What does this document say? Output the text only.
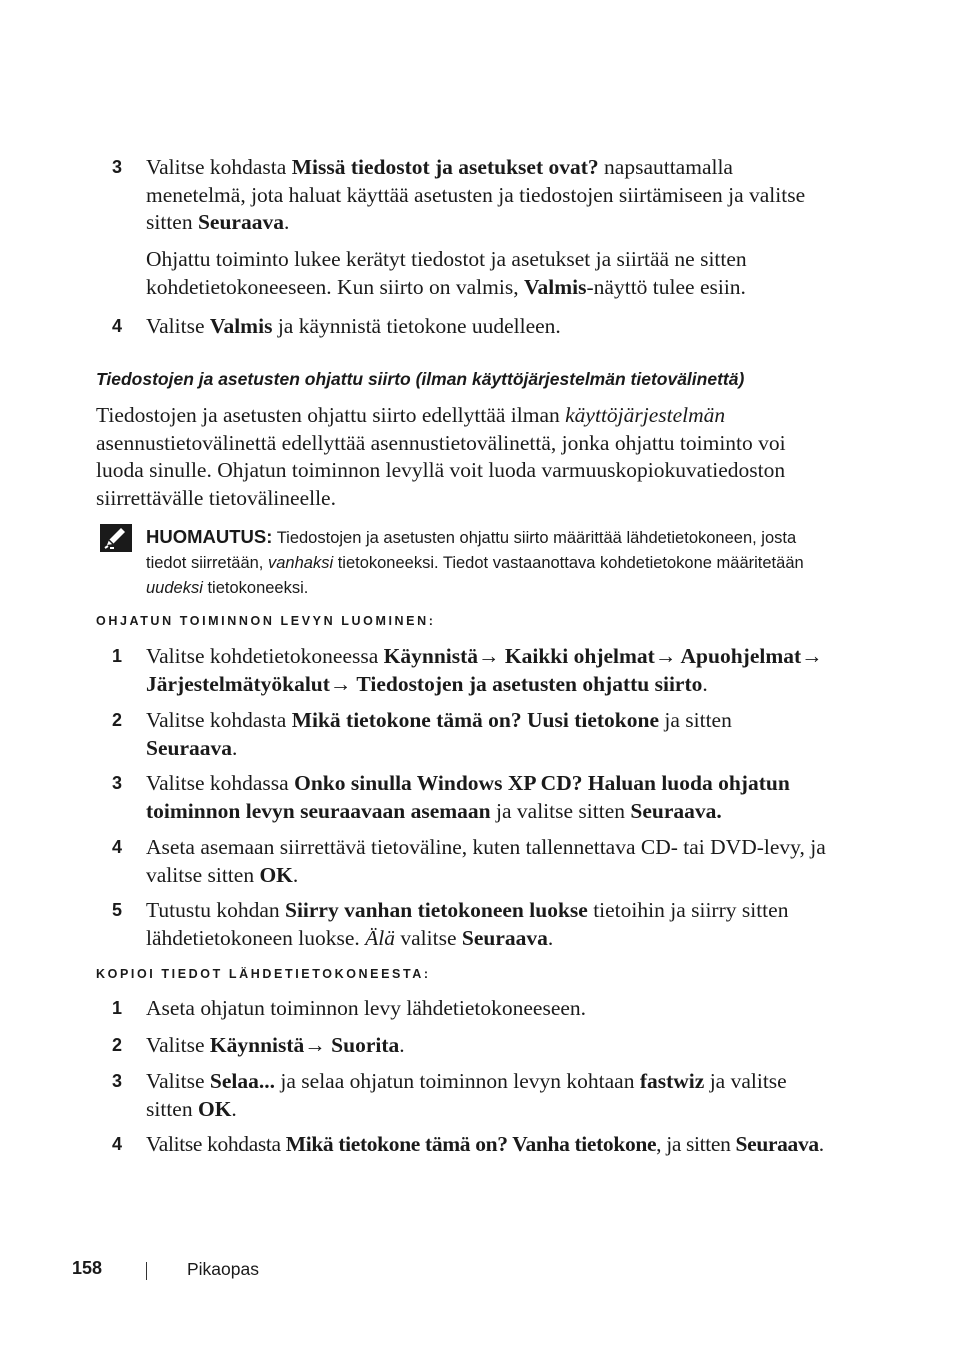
3 Valitse kohdasta Missä tiedostot ja asetukset ovat? napsauttamalla menetelmä, jota haluat käyttää asetusten ja tiedostojen siirtämiseen ja valitse sitten Seuraava.
Ohjattu toiminto lukee kerätyt tiedostot ja asetukset ja siirtää ne sitten kohdetietokoneeseen. Kun siirto on valmis, Valmis-näyttö tulee esiin.
4 Valitse Valmis ja käynnistä tietokone uudelleen.
Tiedostojen ja asetusten ohjattu siirto (ilman käyttöjärjestelmän tietovälinettä)
Tiedostojen ja asetusten ohjattu siirto edellyttää ilman käyttöjärjestelmän asennustietovälinettä edellyttää asennustietovälinettä, jonka ohjattu toiminto voi luoda sinulle. Ohjatun toiminnon levyllä voit luoda varmuuskopiokuvatiedoston siirrettävälle tietovälineelle.
HUOMAUTUS: Tiedostojen ja asetusten ohjattu siirto määrittää lähdetietokoneen, josta tiedot siirretään, vanhaksi tietokoneeksi. Tiedot vastaanottava kohdetietokone määritetään uudeksi tietokoneeksi.
OHJATUN TOIMINNON LEVYN LUOMINEN:
1 Valitse kohdetietokoneessa Käynnistä→ Kaikki ohjelmat→ Apuohjelmat→ Järjestelmätyökalut→ Tiedostojen ja asetusten ohjattu siirto.
2 Valitse kohdasta Mikä tietokone tämä on? Uusi tietokone ja sitten Seuraava.
3 Valitse kohdassa Onko sinulla Windows XP CD? Haluan luoda ohjatun toiminnon levyn seuraavaan asemaan ja valitse sitten Seuraava.
4 Aseta asemaan siirrettävä tietoväline, kuten tallennettava CD- tai DVD-levy, ja valitse sitten OK.
5 Tutustu kohdan Siirry vanhan tietokoneen luokse tietoihin ja siirry sitten lähdetietokoneen luokse. Älä valitse Seuraava.
KOPIOI TIEDOT LÄHDETIETOKONEESTA:
1 Aseta ohjatun toiminnon levy lähdetietokoneeseen.
2 Valitse Käynnistä→ Suorita.
3 Valitse Selaa... ja selaa ohjatun toiminnon levyn kohtaan fastwiz ja valitse sitten OK.
4 Valitse kohdasta Mikä tietokone tämä on? Vanha tietokone, ja sitten Seuraava.
158	Pikaopas
